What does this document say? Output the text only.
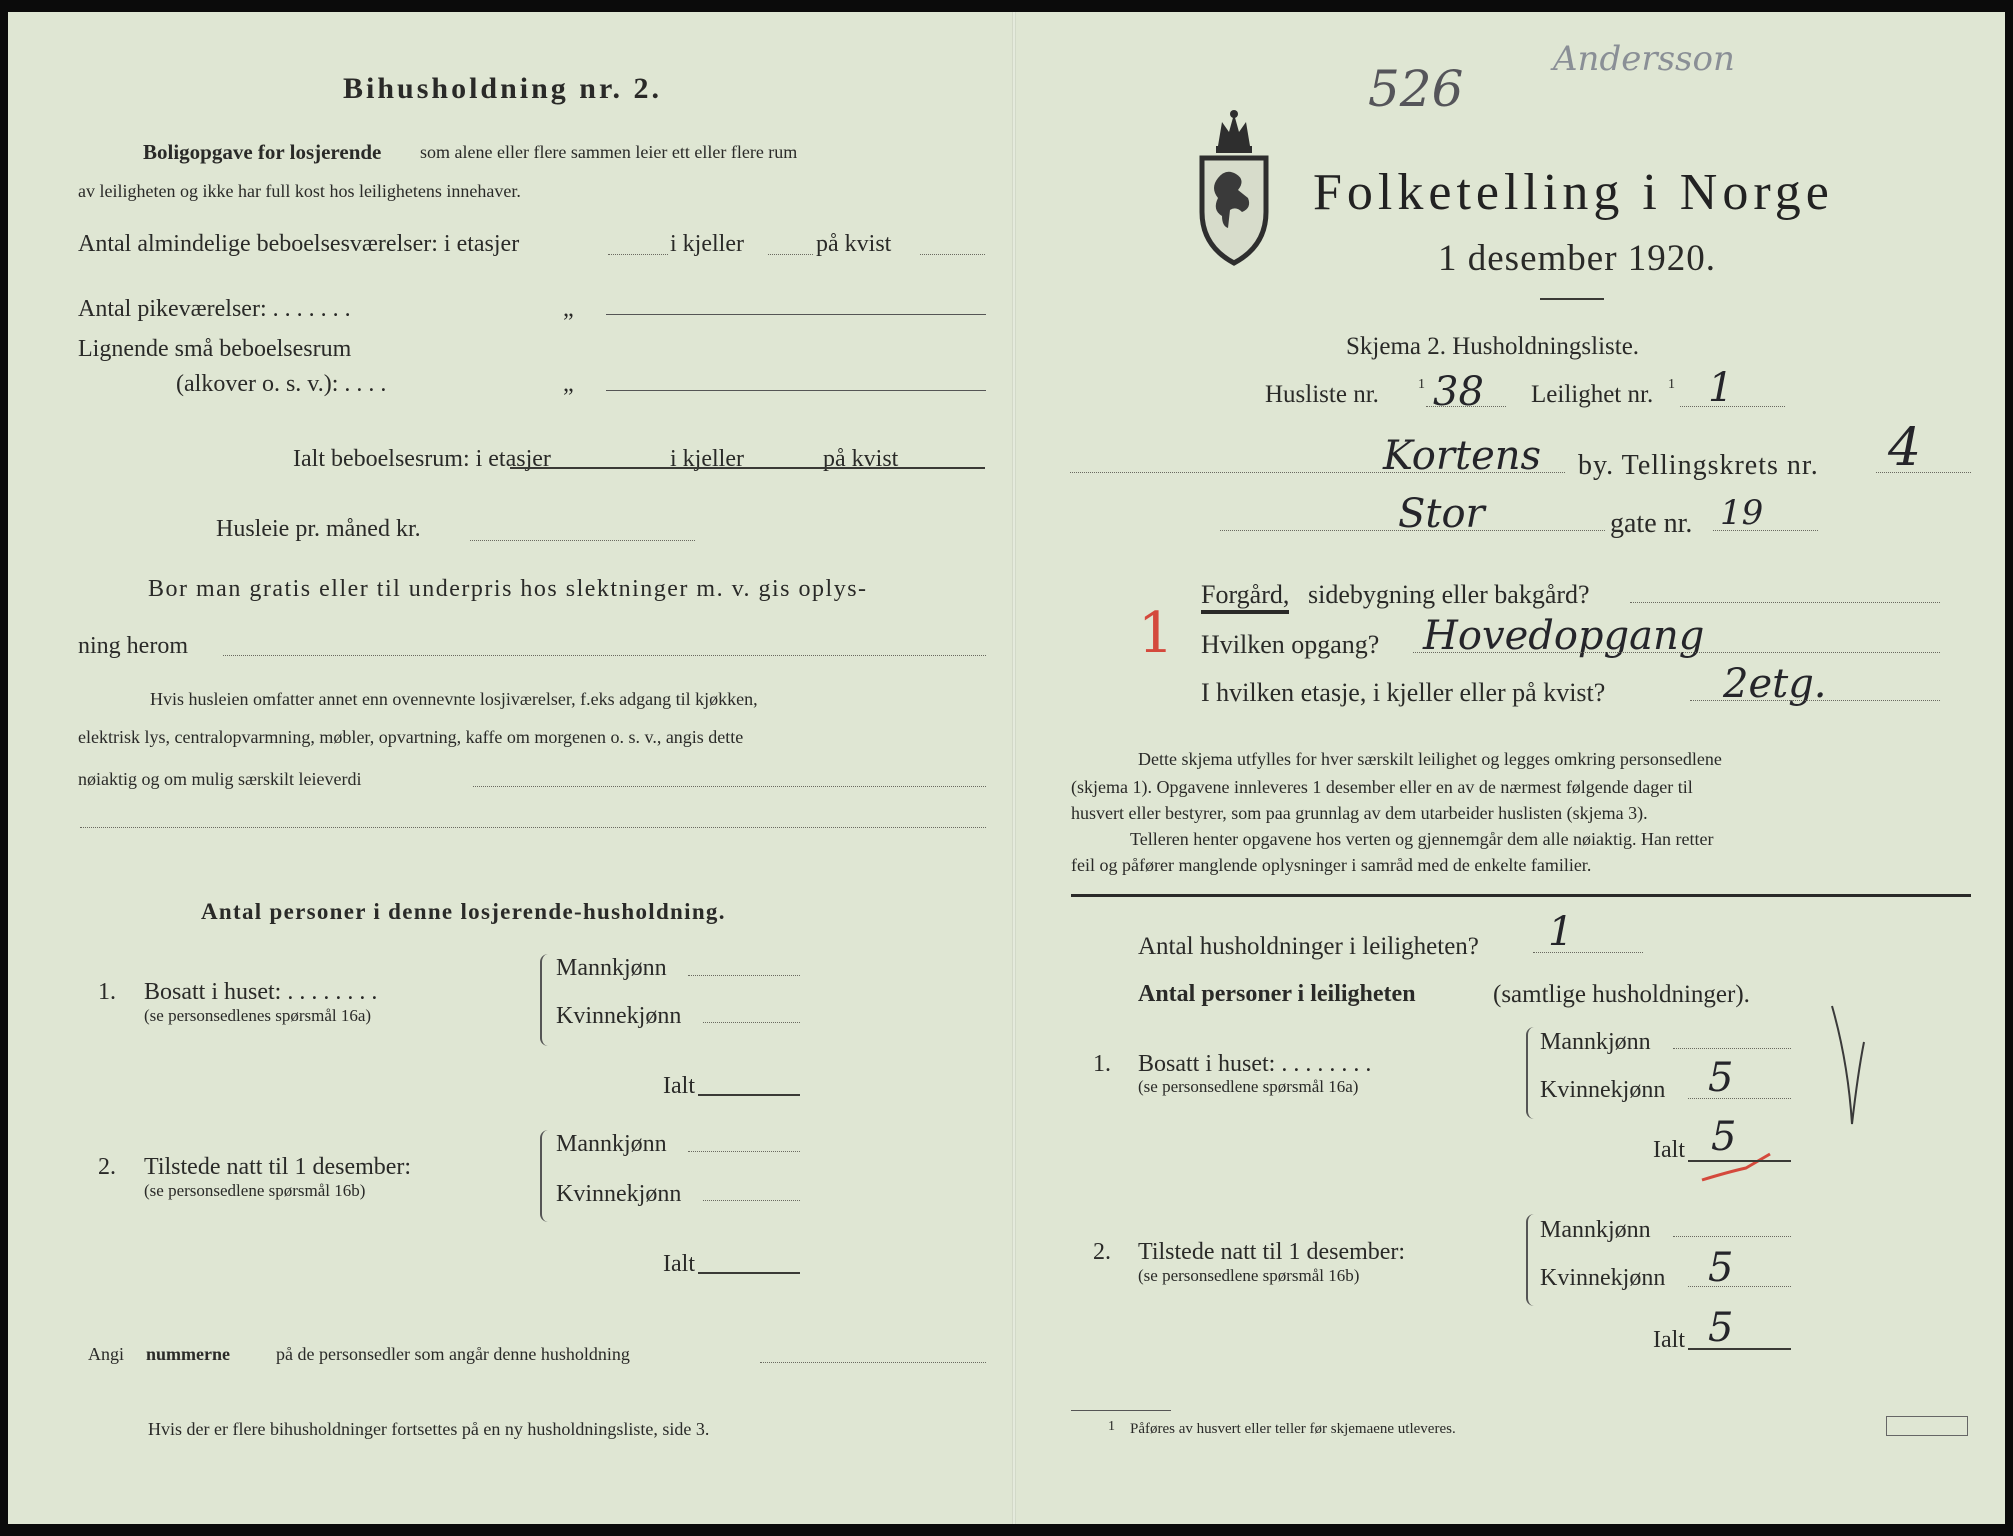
Bihusholdning nr. 2.
Boligopgave for losjerende som alene eller flere sammen leier ett eller flere rum
av leiligheten og ikke har full kost hos leilighetens innehaver.
Antal almindelige beboelsesværelser: i etasjer	i kjeller	på kvist
Antal pikeværelser: . . . . . . .	„
Lignende små beboelsesrum
(alkover o. s. v.): . . . .	„
Ialt beboelsesrum: i etasjer	i kjeller	på kvist
Husleie pr. måned kr.
Bor man gratis eller til underpris hos slektninger m. v. gis oplys-
ning herom
Hvis husleien omfatter annet enn ovennevnte losjiværelser, f.eks adgang til kjøkken,
elektrisk lys, centralopvarmning, møbler, opvartning, kaffe om morgenen o. s. v., angis dette
nøiaktig og om mulig særskilt leieverdi
Antal personer i denne losjerende-husholdning.
1. Bosatt i huset: . . . . . . . .
(se personsedlenes spørsmål 16a)
Mannkjønn
Kvinnekjønn
Ialt
2. Tilstede natt til 1 desember:
(se personsedlene spørsmål 16b)
Mannkjønn
Kvinnekjønn
Ialt
Angi nummerne	på de personsedler som angår denne husholdning
Hvis der er flere bihusholdninger fortsettes på en ny husholdningsliste, side 3.
526
Andersson
Folketelling i Norge
1 desember 1920.
Skjema 2. Husholdningsliste.
Husliste nr.	1 38 Leilighet nr. 1 1
Kortens by. Tellingskrets nr. 4
Stor	gate nr. 19
1
Forgård, sidebygning eller bakgård?
Hvilken opgang? Hovedopgang
I hvilken etasje, i kjeller eller på kvist?	2etg.
Dette skjema utfylles for hver særskilt leilighet og legges omkring personsedlene
(skjema 1). Opgavene innleveres 1 desember eller en av de nærmest følgende dager til
husvert eller bestyrer, som paa grunnlag av dem utarbeider huslisten (skjema 3).
Telleren henter opgavene hos verten og gjennemgår dem alle nøiaktig. Han retter
feil og påfører manglende oplysninger i samråd med de enkelte familier.
Antal husholdninger i leiligheten? 1
Antal personer i leiligheten	(samtlige husholdninger).
1. Bosatt i huset: . . . . . . . .
(se personsedlene spørsmål 16a)
Mannkjønn
Kvinnekjønn 5
Ialt 5
2. Tilstede natt til 1 desember:
(se personsedlene spørsmål 16b)
Mannkjønn
Kvinnekjønn 5
Ialt 5
1 Påføres av husvert eller teller før skjemaene utleveres.
